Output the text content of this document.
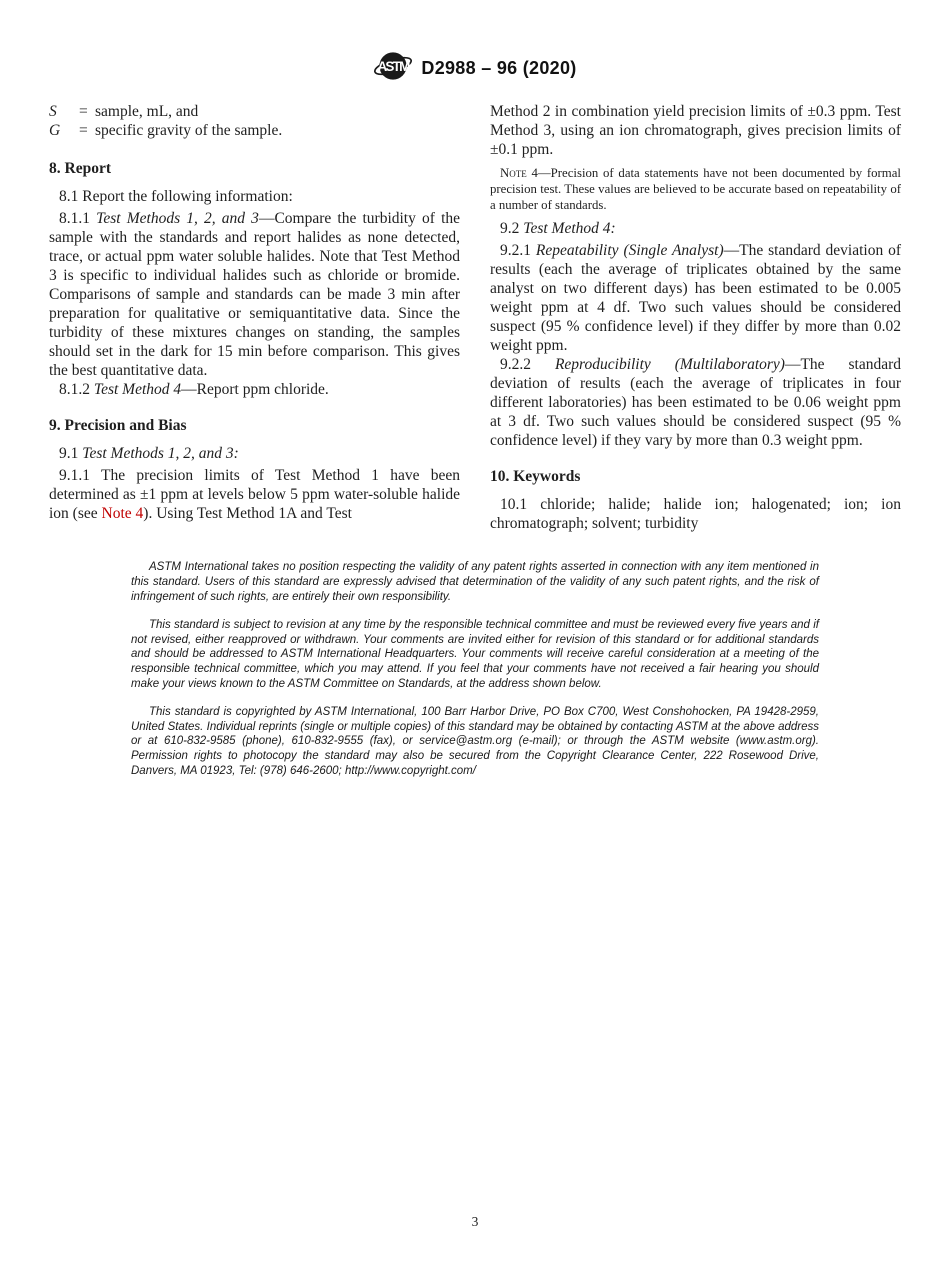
ASTM D2988 – 96 (2020)
S	= sample, mL, and
G	= specific gravity of the sample.
8. Report

8.1 Report the following information:

8.1.1 Test Methods 1, 2, and 3—Compare the turbidity of the sample with the standards and report halides as none detected, trace, or actual ppm water soluble halides. Note that Test Method 3 is specific to individual halides such as chloride or bromide. Comparisons of sample and standards can be made 3 min after preparation for qualitative or semiquantitative data. Since the turbidity of these mixtures changes on standing, the samples should set in the dark for 15 min before comparison. This gives the best quantitative data.

8.1.2 Test Method 4—Report ppm chloride.

9. Precision and Bias

9.1 Test Methods 1, 2, and 3:

9.1.1 The precision limits of Test Method 1 have been determined as ±1 ppm at levels below 5 ppm water-soluble halide ion (see Note 4). Using Test Method 1A and Test

Method 2 in combination yield precision limits of ±0.3 ppm. Test Method 3, using an ion chromatograph, gives precision limits of ±0.1 ppm.

Note 4—Precision of data statements have not been documented by formal precision test. These values are believed to be accurate based on repeatability of a number of standards.

9.2 Test Method 4:

9.2.1 Repeatability (Single Analyst)—The standard deviation of results (each the average of triplicates obtained by the same analyst on two different days) has been estimated to be 0.005 weight ppm at 4 df. Two such values should be considered suspect (95 % confidence level) if they differ by more than 0.02 weight ppm.

9.2.2 Reproducibility (Multilaboratory)—The standard deviation of results (each the average of triplicates in four different laboratories) has been estimated to be 0.06 weight ppm at 3 df. Two such values should be considered suspect (95 % confidence level) if they vary by more than 0.3 weight ppm.

10. Keywords

10.1 chloride; halide; halide ion; halogenated; ion; ion chromatograph; solvent; turbidity

ASTM International takes no position respecting the validity of any patent rights asserted in connection with any item mentioned in this standard. Users of this standard are expressly advised that determination of the validity of any such patent rights, and the risk of infringement of such rights, are entirely their own responsibility.

This standard is subject to revision at any time by the responsible technical committee and must be reviewed every five years and if not revised, either reapproved or withdrawn. Your comments are invited either for revision of this standard or for additional standards and should be addressed to ASTM International Headquarters. Your comments will receive careful consideration at a meeting of the responsible technical committee, which you may attend. If you feel that your comments have not received a fair hearing you should make your views known to the ASTM Committee on Standards, at the address shown below.

This standard is copyrighted by ASTM International, 100 Barr Harbor Drive, PO Box C700, West Conshohocken, PA 19428-2959, United States. Individual reprints (single or multiple copies) of this standard may be obtained by contacting ASTM at the above address or at 610-832-9585 (phone), 610-832-9555 (fax), or service@astm.org (e-mail); or through the ASTM website (www.astm.org). Permission rights to photocopy the standard may also be secured from the Copyright Clearance Center, 222 Rosewood Drive, Danvers, MA 01923, Tel: (978) 646-2600; http://www.copyright.com/

3
